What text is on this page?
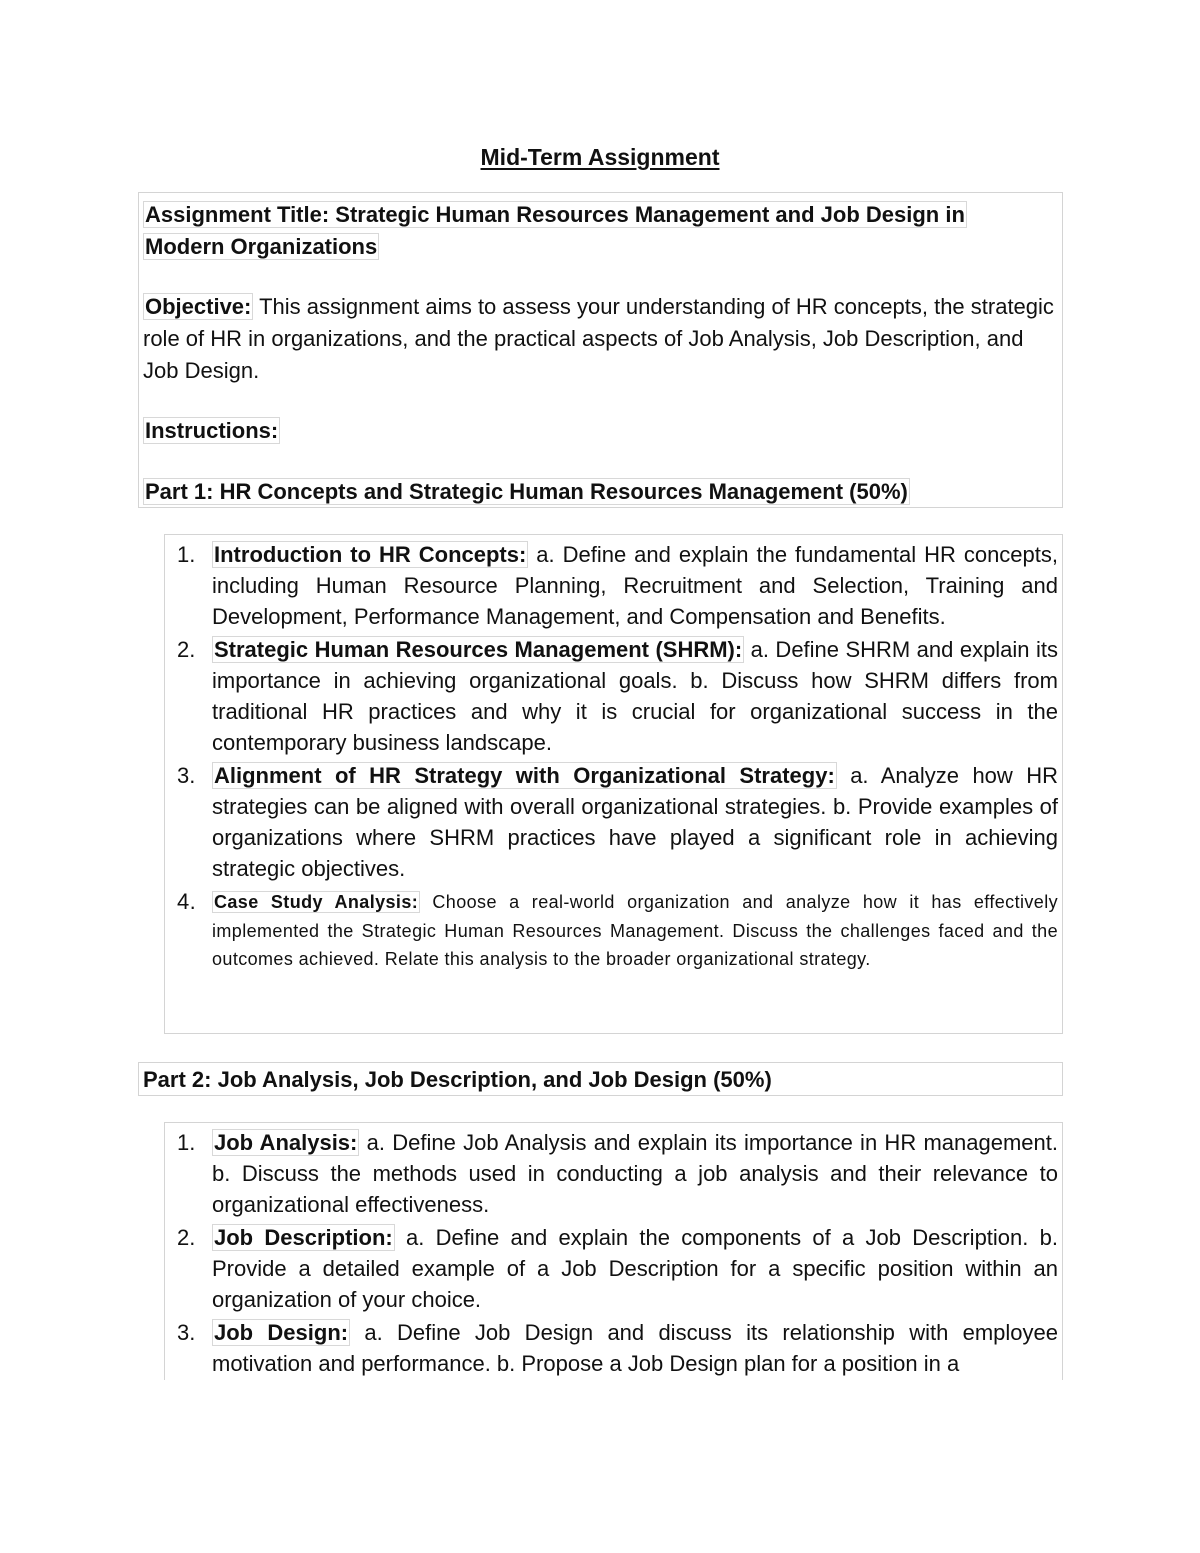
Mid-Term Assignment

Assignment Title: Strategic Human Resources Management and Job Design in
Modern Organizations

Objective: This assignment aims to assess your understanding of HR concepts, the strategic role of HR in organizations, and the practical aspects of Job Analysis, Job Description, and Job Design.

Instructions:

Part 1: HR Concepts and Strategic Human Resources Management (50%)

1. Introduction to HR Concepts: a. Define and explain the fundamental HR concepts, including Human Resource Planning, Recruitment and Selection, Training and Development, Performance Management, and Compensation and Benefits.
2. Strategic Human Resources Management (SHRM): a. Define SHRM and explain its importance in achieving organizational goals. b. Discuss how SHRM differs from traditional HR practices and why it is crucial for organizational success in the contemporary business landscape.
3. Alignment of HR Strategy with Organizational Strategy: a. Analyze how HR strategies can be aligned with overall organizational strategies. b. Provide examples of organizations where SHRM practices have played a significant role in achieving strategic objectives.
4. Case Study Analysis: Choose a real-world organization and analyze how it has effectively implemented the Strategic Human Resources Management. Discuss the challenges faced and the outcomes achieved. Relate this analysis to the broader organizational strategy.

Part 2: Job Analysis, Job Description, and Job Design (50%)

1. Job Analysis: a. Define Job Analysis and explain its importance in HR management. b. Discuss the methods used in conducting a job analysis and their relevance to organizational effectiveness.
2. Job Description: a. Define and explain the components of a Job Description. b. Provide a detailed example of a Job Description for a specific position within an organization of your choice.
3. Job Design: a. Define Job Design and discuss its relationship with employee motivation and performance. b. Propose a Job Design plan for a position in a
